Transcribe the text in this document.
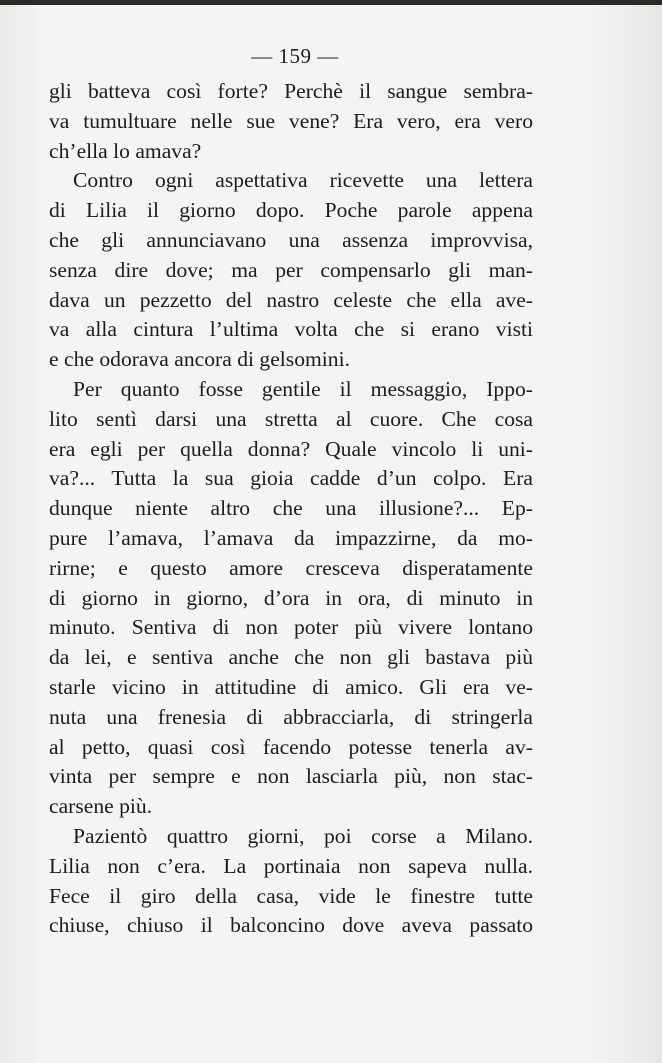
— 159 —
gli batteva così forte? Perchè il sangue sembra-
va tumultuare nelle sue vene? Era vero, era vero
ch’ella lo amava?
Contro ogni aspettativa ricevette una lettera
di Lilia il giorno dopo. Poche parole appena
che gli annunciavano una assenza improvvisa,
senza dire dove; ma per compensarlo gli man-
dava un pezzetto del nastro celeste che ella ave-
va alla cintura l’ultima volta che si erano visti
e che odorava ancora di gelsomini.
Per quanto fosse gentile il messaggio, Ippo-
lito sentì darsi una stretta al cuore. Che cosa
era egli per quella donna? Quale vincolo li uni-
va?... Tutta la sua gioia cadde d’un colpo. Era
dunque niente altro che una illusione?... Ep-
pure l’amava, l’amava da impazzirne, da mo-
rirne; e questo amore cresceva disperatamente
di giorno in giorno, d’ora in ora, di minuto in
minuto. Sentiva di non poter più vivere lontano
da lei, e sentiva anche che non gli bastava più
starle vicino in attitudine di amico. Gli era ve-
nuta una frenesia di abbracciarla, di stringerla
al petto, quasi così facendo potesse tenerla av-
vinta per sempre e non lasciarla più, non stac-
carsene più.
Pazientò quattro giorni, poi corse a Milano.
Lilia non c’era. La portinaia non sapeva nulla.
Fece il giro della casa, vide le finestre tutte
chiuse, chiuso il balconcino dove aveva passato
